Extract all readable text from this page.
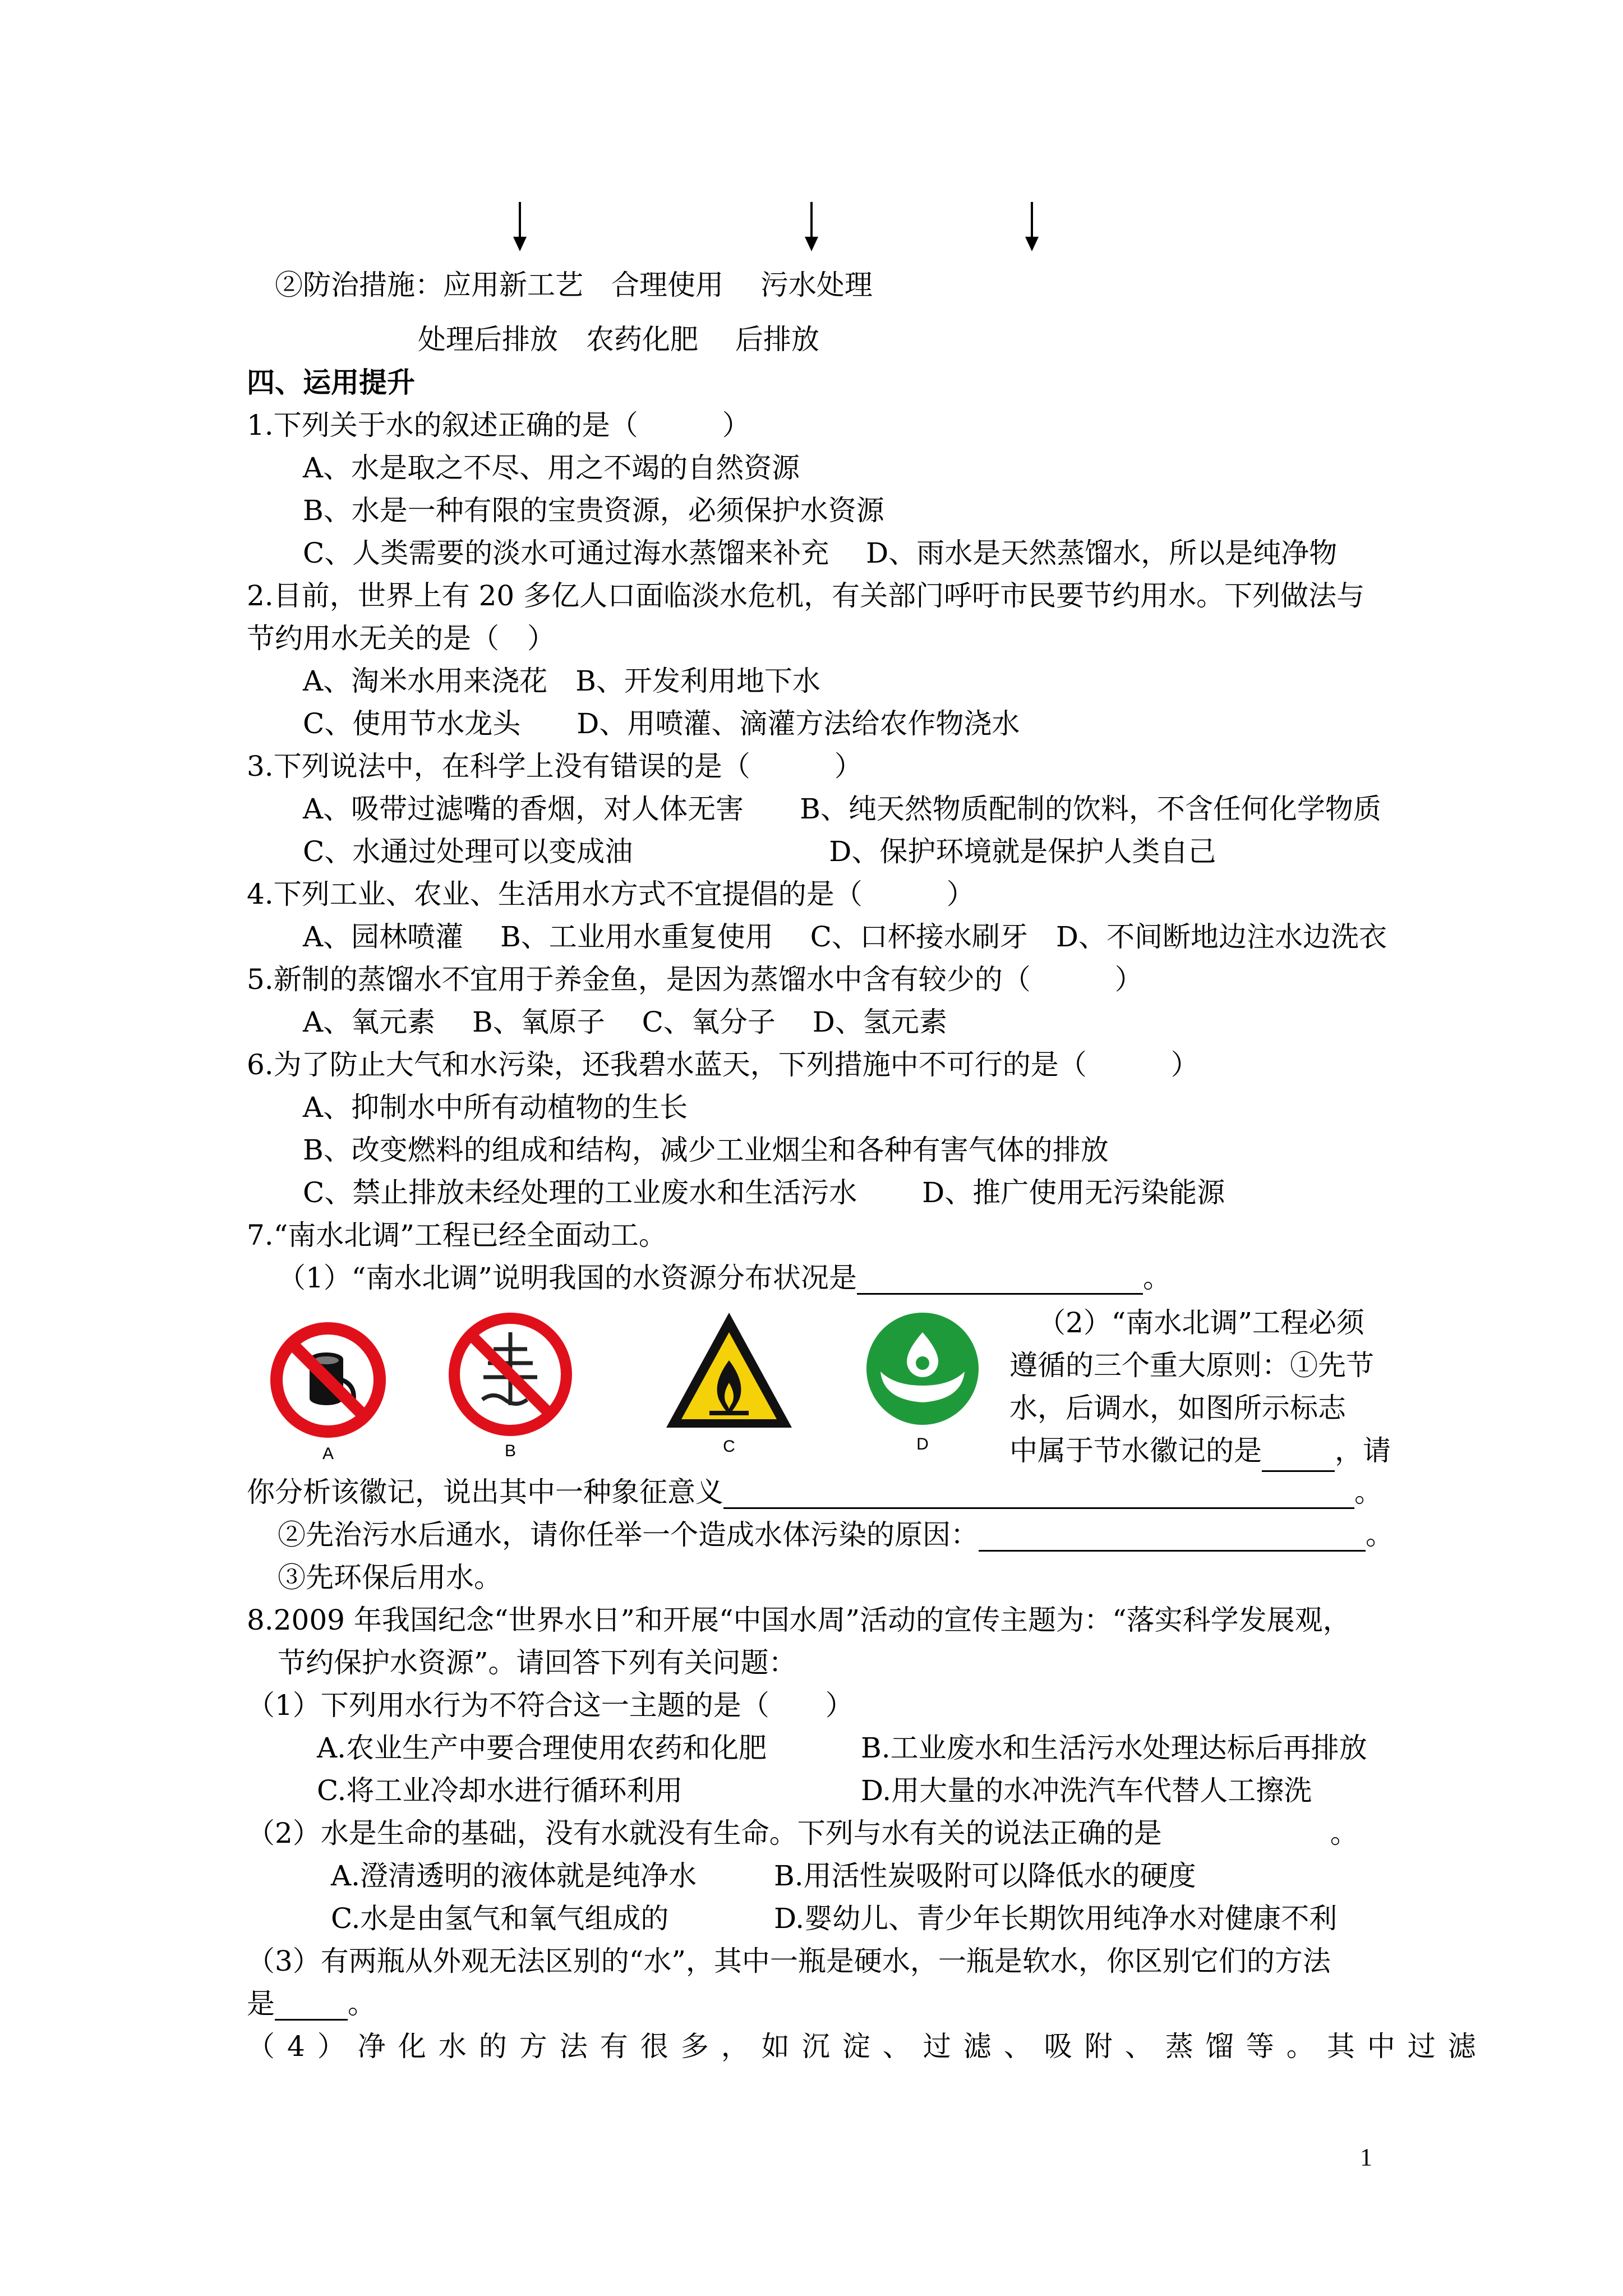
②防治措施：应用新工艺　合理使用　 污水处理
处理后排放　农药化肥　 后排放
四、运用提升
1.下列关于水的叙述正确的是（　　　）
A、水是取之不尽、用之不竭的自然资源
B、水是一种有限的宝贵资源，必须保护水资源
C、人类需要的淡水可通过海水蒸馏来补充　 D、雨水是天然蒸馏水，所以是纯净物
2.目前，世界上有 20 多亿人口面临淡水危机，有关部门呼吁市民要节约用水。下列做法与
节约用水无关的是（　）
A、淘米水用来浇花　B、开发利用地下水
C、使用节水龙头　　D、用喷灌、滴灌方法给农作物浇水
3.下列说法中，在科学上没有错误的是（　　　）
A、吸带过滤嘴的香烟，对人体无害　　B、纯天然物质配制的饮料，不含任何化学物质
C、水通过处理可以变成油　　　　　　　D、保护环境就是保护人类自己
4.下列工业、农业、生活用水方式不宜提倡的是（　　　）
A、园林喷灌　 B、工业用水重复使用　 C、口杯接水刷牙　D、不间断地边注水边洗衣
5.新制的蒸馏水不宜用于养金鱼，是因为蒸馏水中含有较少的（　　　）
A、氧元素　 B、氧原子　 C、氧分子　 D、氢元素
6.为了防止大气和水污染，还我碧水蓝天，下列措施中不可行的是（　　　）
A、抑制水中所有动植物的生长
B、改变燃料的组成和结构，减少工业烟尘和各种有害气体的排放
C、禁止排放未经处理的工业废水和生活污水　　 D、推广使用无污染能源
7.“南水北调”工程已经全面动工。
（1）“南水北调”说明我国的水资源分布状况是	。
A	B	C	D
（2）“南水北调”工程必须
遵循的三个重大原则：①先节
水，后调水，如图所示标志
中属于节水徽记的是	，请
你分析该徽记，说出其中一种象征意义	。
②先治污水后通水，请你任举一个造成水体污染的原因：	。
③先环保后用水。
8.2009 年我国纪念“世界水日”和开展“中国水周”活动的宣传主题为：“落实科学发展观，
节约保护水资源”。请回答下列有关问题：
（1）下列用水行为不符合这一主题的是（　　）
A.农业生产中要合理使用农药和化肥	B.工业废水和生活污水处理达标后再排放
C.将工业冷却水进行循环利用	D.用大量的水冲洗汽车代替人工擦洗
（2）水是生命的基础，没有水就没有生命。下列与水有关的说法正确的是　　　　　　。
A.澄清透明的液体就是纯净水	B.用活性炭吸附可以降低水的硬度
C.水是由氢气和氧气组成的	D.婴幼儿、青少年长期饮用纯净水对健康不利
（3）有两瓶从外观无法区别的“水”，其中一瓶是硬水，一瓶是软水，你区别它们的方法
是	。
（4）净化水的方法有很多，如沉淀、过滤、吸附、蒸馏等。其中过滤
1
